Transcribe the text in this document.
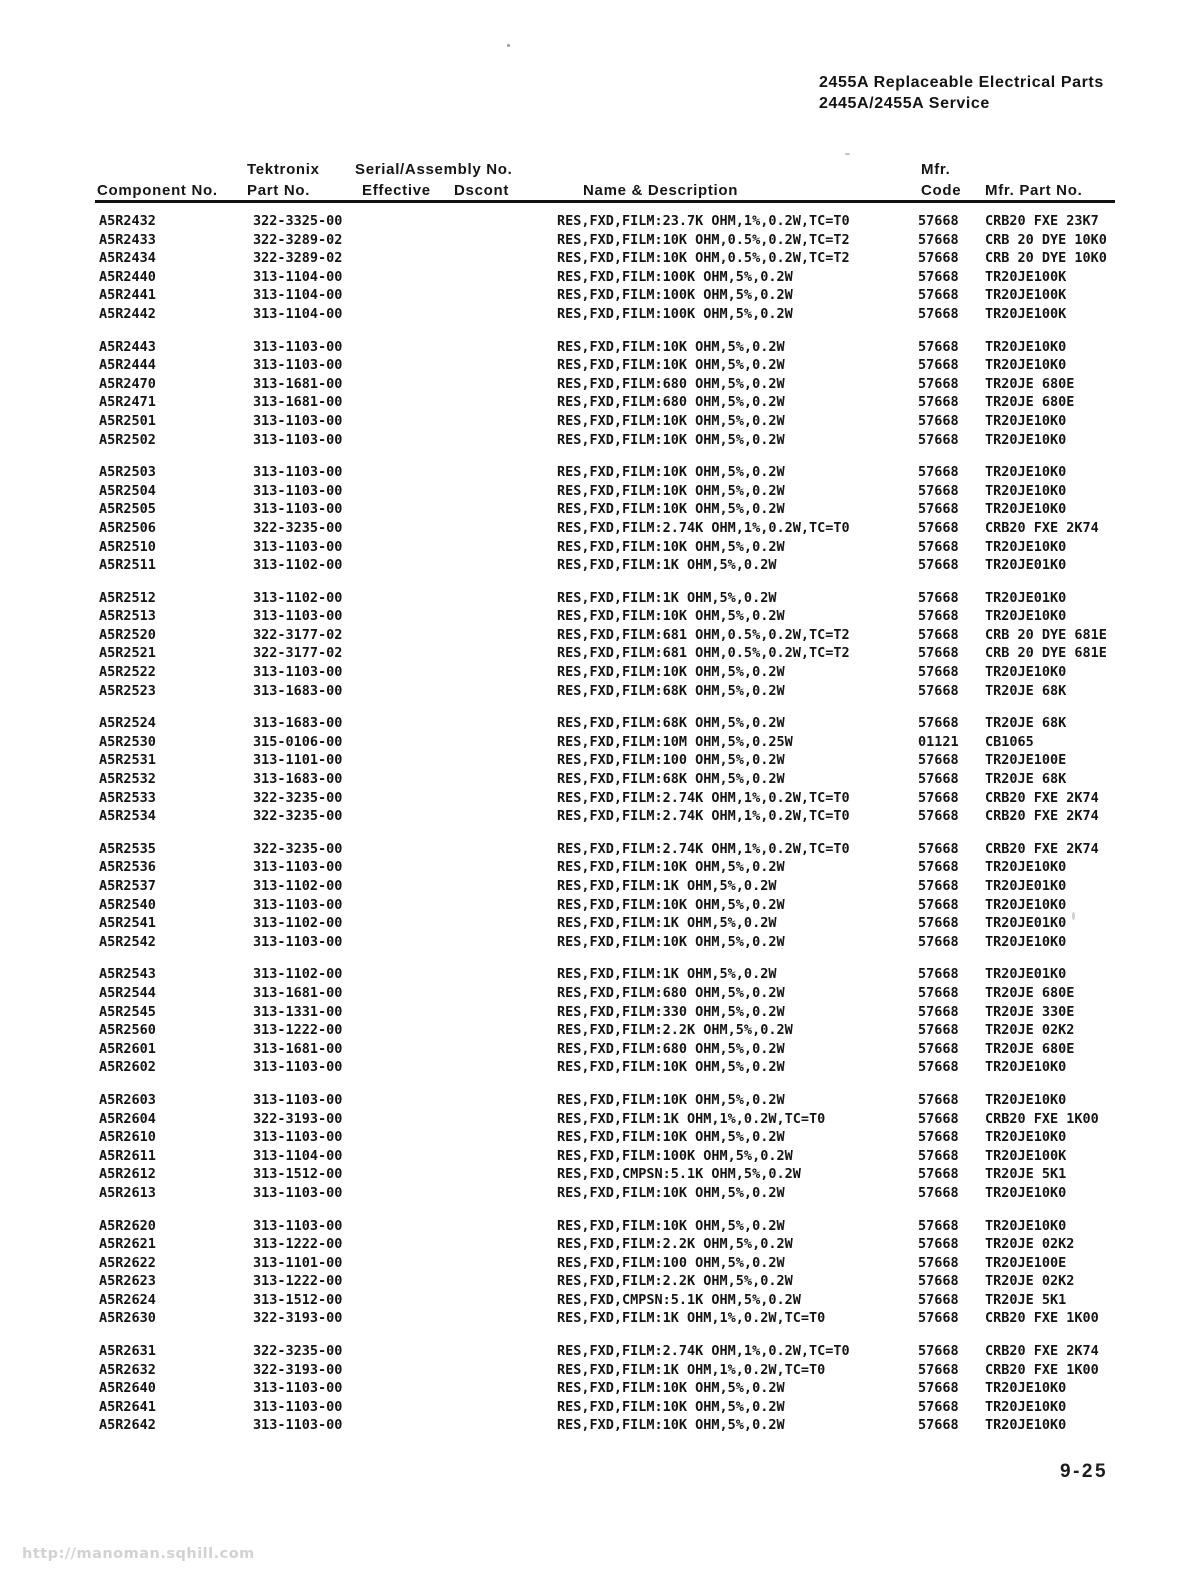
2455A Replaceable Electrical Parts
2445A/2455A Service
Tektronix Serial/Assembly No.	Mfr.
Component No. Part No.	Effective Dscont	Name & Description	Code Mfr. Part No.
A5R2432	322-3325-00	RES,FXD,FILM:23.7K OHM,1%,0.2W,TC=T0	57668	CRB20 FXE 23K7
A5R2433	322-3289-02	RES,FXD,FILM:10K OHM,0.5%,0.2W,TC=T2	57668	CRB 20 DYE 10K0
A5R2434	322-3289-02	RES,FXD,FILM:10K OHM,0.5%,0.2W,TC=T2	57668	CRB 20 DYE 10K0
A5R2440	313-1104-00	RES,FXD,FILM:100K OHM,5%,0.2W	57668	TR20JE100K
A5R2441	313-1104-00	RES,FXD,FILM:100K OHM,5%,0.2W	57668	TR20JE100K
A5R2442	313-1104-00	RES,FXD,FILM:100K OHM,5%,0.2W	57668	TR20JE100K
A5R2443	313-1103-00	RES,FXD,FILM:10K OHM,5%,0.2W	57668	TR20JE10K0
A5R2444	313-1103-00	RES,FXD,FILM:10K OHM,5%,0.2W	57668	TR20JE10K0
A5R2470	313-1681-00	RES,FXD,FILM:680 OHM,5%,0.2W	57668	TR20JE 680E
A5R2471	313-1681-00	RES,FXD,FILM:680 OHM,5%,0.2W	57668	TR20JE 680E
A5R2501	313-1103-00	RES,FXD,FILM:10K OHM,5%,0.2W	57668	TR20JE10K0
A5R2502	313-1103-00	RES,FXD,FILM:10K OHM,5%,0.2W	57668	TR20JE10K0
A5R2503	313-1103-00	RES,FXD,FILM:10K OHM,5%,0.2W	57668	TR20JE10K0
A5R2504	313-1103-00	RES,FXD,FILM:10K OHM,5%,0.2W	57668	TR20JE10K0
A5R2505	313-1103-00	RES,FXD,FILM:10K OHM,5%,0.2W	57668	TR20JE10K0
A5R2506	322-3235-00	RES,FXD,FILM:2.74K OHM,1%,0.2W,TC=T0	57668	CRB20 FXE 2K74
A5R2510	313-1103-00	RES,FXD,FILM:10K OHM,5%,0.2W	57668	TR20JE10K0
A5R2511	313-1102-00	RES,FXD,FILM:1K OHM,5%,0.2W	57668	TR20JE01K0
A5R2512	313-1102-00	RES,FXD,FILM:1K OHM,5%,0.2W	57668	TR20JE01K0
A5R2513	313-1103-00	RES,FXD,FILM:10K OHM,5%,0.2W	57668	TR20JE10K0
A5R2520	322-3177-02	RES,FXD,FILM:681 OHM,0.5%,0.2W,TC=T2	57668	CRB 20 DYE 681E
A5R2521	322-3177-02	RES,FXD,FILM:681 OHM,0.5%,0.2W,TC=T2	57668	CRB 20 DYE 681E
A5R2522	313-1103-00	RES,FXD,FILM:10K OHM,5%,0.2W	57668	TR20JE10K0
A5R2523	313-1683-00	RES,FXD,FILM:68K OHM,5%,0.2W	57668	TR20JE 68K
A5R2524	313-1683-00	RES,FXD,FILM:68K OHM,5%,0.2W	57668	TR20JE 68K
A5R2530	315-0106-00	RES,FXD,FILM:10M OHM,5%,0.25W	01121	CB1065
A5R2531	313-1101-00	RES,FXD,FILM:100 OHM,5%,0.2W	57668	TR20JE100E
A5R2532	313-1683-00	RES,FXD,FILM:68K OHM,5%,0.2W	57668	TR20JE 68K
A5R2533	322-3235-00	RES,FXD,FILM:2.74K OHM,1%,0.2W,TC=T0	57668	CRB20 FXE 2K74
A5R2534	322-3235-00	RES,FXD,FILM:2.74K OHM,1%,0.2W,TC=T0	57668	CRB20 FXE 2K74
A5R2535	322-3235-00	RES,FXD,FILM:2.74K OHM,1%,0.2W,TC=T0	57668	CRB20 FXE 2K74
A5R2536	313-1103-00	RES,FXD,FILM:10K OHM,5%,0.2W	57668	TR20JE10K0
A5R2537	313-1102-00	RES,FXD,FILM:1K OHM,5%,0.2W	57668	TR20JE01K0
A5R2540	313-1103-00	RES,FXD,FILM:10K OHM,5%,0.2W	57668	TR20JE10K0
A5R2541	313-1102-00	RES,FXD,FILM:1K OHM,5%,0.2W	57668	TR20JE01K0
A5R2542	313-1103-00	RES,FXD,FILM:10K OHM,5%,0.2W	57668	TR20JE10K0
A5R2543	313-1102-00	RES,FXD,FILM:1K OHM,5%,0.2W	57668	TR20JE01K0
A5R2544	313-1681-00	RES,FXD,FILM:680 OHM,5%,0.2W	57668	TR20JE 680E
A5R2545	313-1331-00	RES,FXD,FILM:330 OHM,5%,0.2W	57668	TR20JE 330E
A5R2560	313-1222-00	RES,FXD,FILM:2.2K OHM,5%,0.2W	57668	TR20JE 02K2
A5R2601	313-1681-00	RES,FXD,FILM:680 OHM,5%,0.2W	57668	TR20JE 680E
A5R2602	313-1103-00	RES,FXD,FILM:10K OHM,5%,0.2W	57668	TR20JE10K0
A5R2603	313-1103-00	RES,FXD,FILM:10K OHM,5%,0.2W	57668	TR20JE10K0
A5R2604	322-3193-00	RES,FXD,FILM:1K OHM,1%,0.2W,TC=T0	57668	CRB20 FXE 1K00
A5R2610	313-1103-00	RES,FXD,FILM:10K OHM,5%,0.2W	57668	TR20JE10K0
A5R2611	313-1104-00	RES,FXD,FILM:100K OHM,5%,0.2W	57668	TR20JE100K
A5R2612	313-1512-00	RES,FXD,CMPSN:5.1K OHM,5%,0.2W	57668	TR20JE 5K1
A5R2613	313-1103-00	RES,FXD,FILM:10K OHM,5%,0.2W	57668	TR20JE10K0
A5R2620	313-1103-00	RES,FXD,FILM:10K OHM,5%,0.2W	57668	TR20JE10K0
A5R2621	313-1222-00	RES,FXD,FILM:2.2K OHM,5%,0.2W	57668	TR20JE 02K2
A5R2622	313-1101-00	RES,FXD,FILM:100 OHM,5%,0.2W	57668	TR20JE100E
A5R2623	313-1222-00	RES,FXD,FILM:2.2K OHM,5%,0.2W	57668	TR20JE 02K2
A5R2624	313-1512-00	RES,FXD,CMPSN:5.1K OHM,5%,0.2W	57668	TR20JE 5K1
A5R2630	322-3193-00	RES,FXD,FILM:1K OHM,1%,0.2W,TC=T0	57668	CRB20 FXE 1K00
A5R2631	322-3235-00	RES,FXD,FILM:2.74K OHM,1%,0.2W,TC=T0	57668	CRB20 FXE 2K74
A5R2632	322-3193-00	RES,FXD,FILM:1K OHM,1%,0.2W,TC=T0	57668	CRB20 FXE 1K00
A5R2640	313-1103-00	RES,FXD,FILM:10K OHM,5%,0.2W	57668	TR20JE10K0
A5R2641	313-1103-00	RES,FXD,FILM:10K OHM,5%,0.2W	57668	TR20JE10K0
A5R2642	313-1103-00	RES,FXD,FILM:10K OHM,5%,0.2W	57668	TR20JE10K0
9-25
http://manoman.sqhill.com
